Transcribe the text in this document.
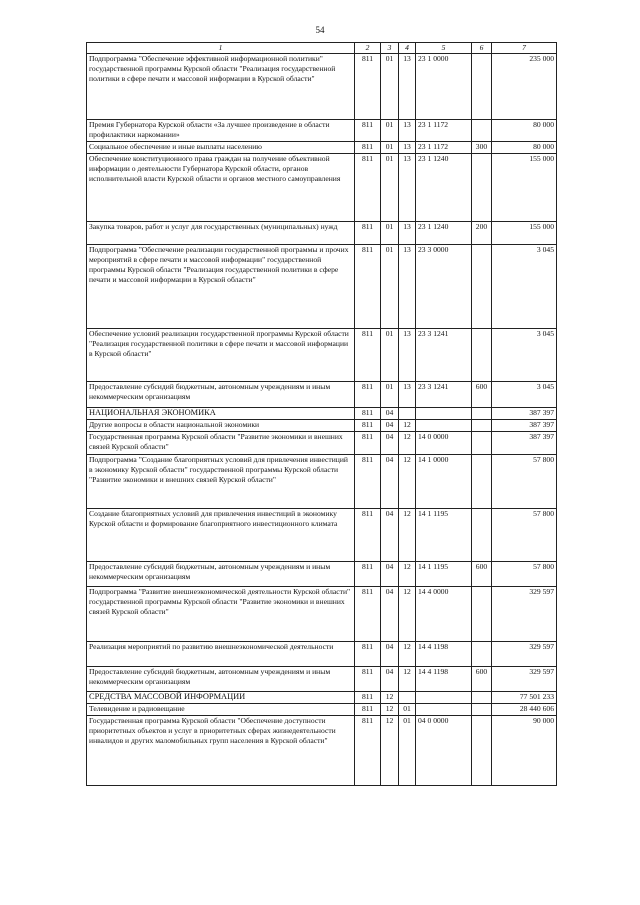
54
1	2	3	4	5	6	7
Подпрограмма "Обеспечение эффективной информационной политики" государственной программы Курской области "Реализация государственной политики в сфере печати и массовой информации в Курской области"	811	01	13	23 1 0000		235 000
Премия Губернатора Курской области «За лучшее произведение в области профилактики наркомании»	811	01	13	23 1 1172		80 000
Социальное обеспечение и иные выплаты населению	811	01	13	23 1 1172	300	80 000
Обеспечение конституционного права граждан на получение объективной информации о деятельности Губернатора Курской области, органов исполнительной власти Курской области и органов местного самоуправления	811	01	13	23 1 1240		155 000
Закупка товаров, работ и услуг для государственных (муниципальных) нужд	811	01	13	23 1 1240	200	155 000
Подпрограмма "Обеспечение реализации государственной программы и прочих мероприятий в сфере печати и массовой информации" государственной программы Курской области "Реализация государственной политики в сфере печати и массовой информации в Курской области"	811	01	13	23 3 0000		3 045
Обеспечение условий реализации государственной программы Курской области "Реализация государственной политики в сфере печати и массовой информации в Курской области"	811	01	13	23 3 1241		3 045
Предоставление субсидий бюджетным, автономным учреждениям и иным некоммерческим организациям	811	01	13	23 3 1241	600	3 045
НАЦИОНАЛЬНАЯ ЭКОНОМИКА	811	04				387 397
Другие вопросы в области национальной экономики	811	04	12			387 397
Государственная программа Курской области "Развитие экономики и внешних связей Курской области"	811	04	12	14 0 0000		387 397
Подпрограмма "Создание благоприятных условий для привлечения инвестиций в экономику Курской области" государственной программы Курской области "Развитие экономики и внешних связей Курской области"	811	04	12	14 1 0000		57 800
Создание благоприятных условий для привлечения инвестиций в экономику Курской области и формирование благоприятного инвестиционного климата	811	04	12	14 1 1195		57 800
Предоставление субсидий бюджетным, автономным учреждениям и иным некоммерческим организациям	811	04	12	14 1 1195	600	57 800
Подпрограмма "Развитие внешнеэкономической деятельности Курской области" государственной программы Курской области "Развитие экономики и внешних связей Курской области"	811	04	12	14 4 0000		329 597
Реализация мероприятий по развитию внешнеэкономической деятельности	811	04	12	14 4 1198		329 597
Предоставление субсидий бюджетным, автономным учреждениям и иным некоммерческим организациям	811	04	12	14 4 1198	600	329 597
СРЕДСТВА МАССОВОЙ ИНФОРМАЦИИ	811	12				77 501 233
Телевидение и радиовещание	811	12	01			28 440 606
Государственная программа Курской области "Обеспечение доступности приоритетных объектов и услуг в приоритетных сферах жизнедеятельности инвалидов и других маломобильных групп населения в Курской области"	811	12	01	04 0 0000		90 000
